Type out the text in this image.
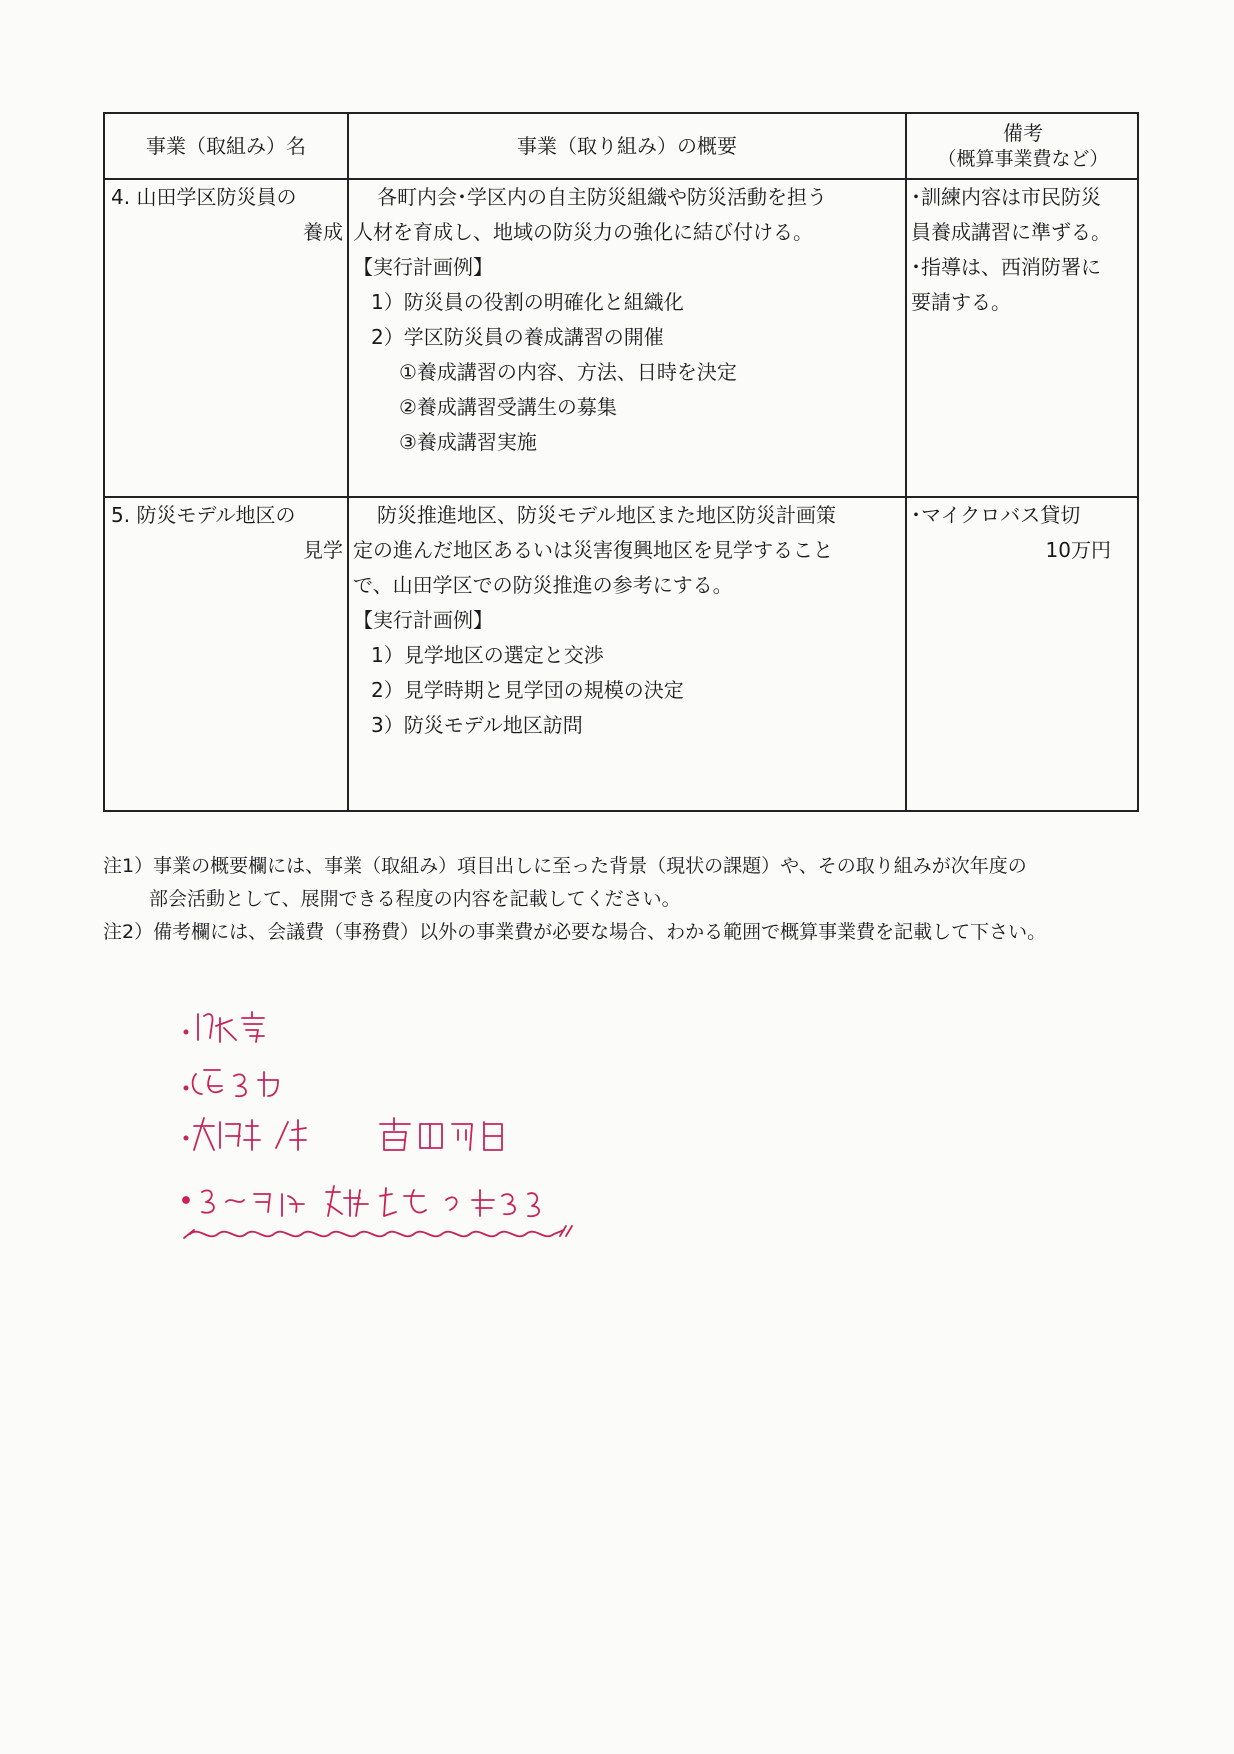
事業（取組み）名	事業（取り組み）の概要
備考
（概算事業費など）
4. 山田学区防災員の
養成
各町内会･学区内の自主防災組織や防災活動を担う
人材を育成し、地域の防災力の強化に結び付ける。
【実行計画例】
1）防災員の役割の明確化と組織化
2）学区防災員の養成講習の開催
①養成講習の内容、方法、日時を決定
②養成講習受講生の募集
③養成講習実施
･訓練内容は市民防災
員養成講習に準ずる。
･指導は、西消防署に
要請する。
5. 防災モデル地区の
見学
防災推進地区、防災モデル地区また地区防災計画策
定の進んだ地区あるいは災害復興地区を見学すること
で、山田学区での防災推進の参考にする。
【実行計画例】
1）見学地区の選定と交渉
2）見学時期と見学団の規模の決定
3）防災モデル地区訪問
･マイクロバス貸切
10万円
注1）事業の概要欄には、事業（取組み）項目出しに至った背景（現状の課題）や、その取り組みが次年度の
部会活動として、展開できる程度の内容を記載してください。
注2）備考欄には、会議費（事務費）以外の事業費が必要な場合、わかる範囲で概算事業費を記載して下さい。
